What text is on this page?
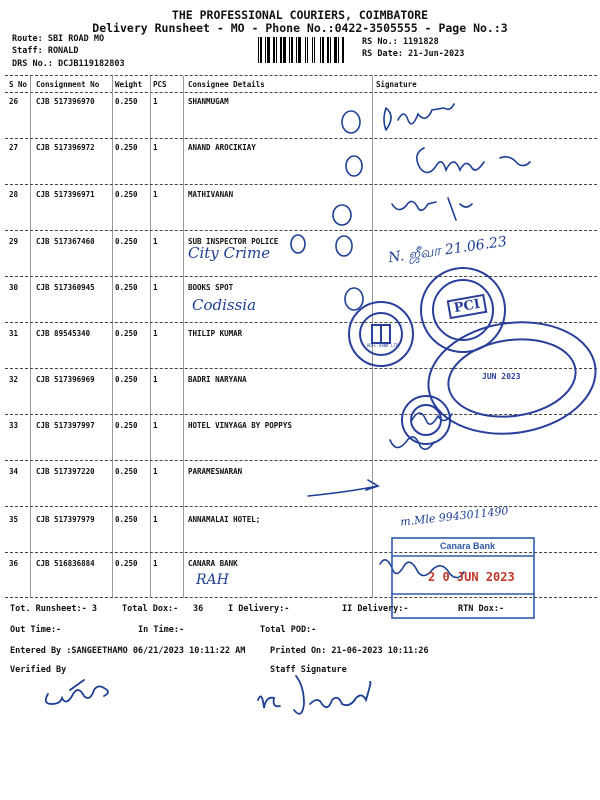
THE PROFESSIONAL COURIERS, COIMBATORE
Delivery Runsheet - MO - Phone No.:0422-3505555 - Page No.:3
Route: SBI ROAD MO
Staff: RONALD
DRS No.: DCJB119182803
RS No.: 1191828
RS Date: 21-Jun-2023
S No Consignment No Weight PCS	Consignee Details	Signature
26 CJB 517396970	0.250 1	SHANMUGAM
27 CJB 517396972	0.250 1	ANAND AROCIKIAY
28 CJB 517396971	0.250 1	MATHIVANAN
29 CJB 517367460	0.250 1	SUB INSPECTOR POLICE
30 CJB 517360945	0.250 1	BOOKS SPOT
31 CJB 89545340	0.250 1	THILIP KUMAR
32 CJB 517396969	0.250 1	BADRI NARYANA
33 CJB 517397997	0.250 1	HOTEL VINYAGA BY POPPYS
34 CJB 517397220	0.250 1	PARAMESWARAN
35 CJB 517397979	0.250 1	ANNAMALAI HOTEL;
36 CJB 516836884	0.250 1	CANARA BANK
City Crime	N. ஜீவா 21.06.23
Codissia
m.Mle 9943011490
RAH
PCI
JUN 2023
HDFC BANK LTD
Canara Bank
2 0 JUN 2023
Tot. Runsheet:- 3	Total Dox:- 36	I Delivery:-	II Delivery:-	RTN Dox:-
Out Time:-	In Time:-	Total POD:-
Entered By :SANGEETHAMO 06/21/2023 10:11:22 AM	Printed On: 21-06-2023 10:11:26
Verified By	Staff Signature
